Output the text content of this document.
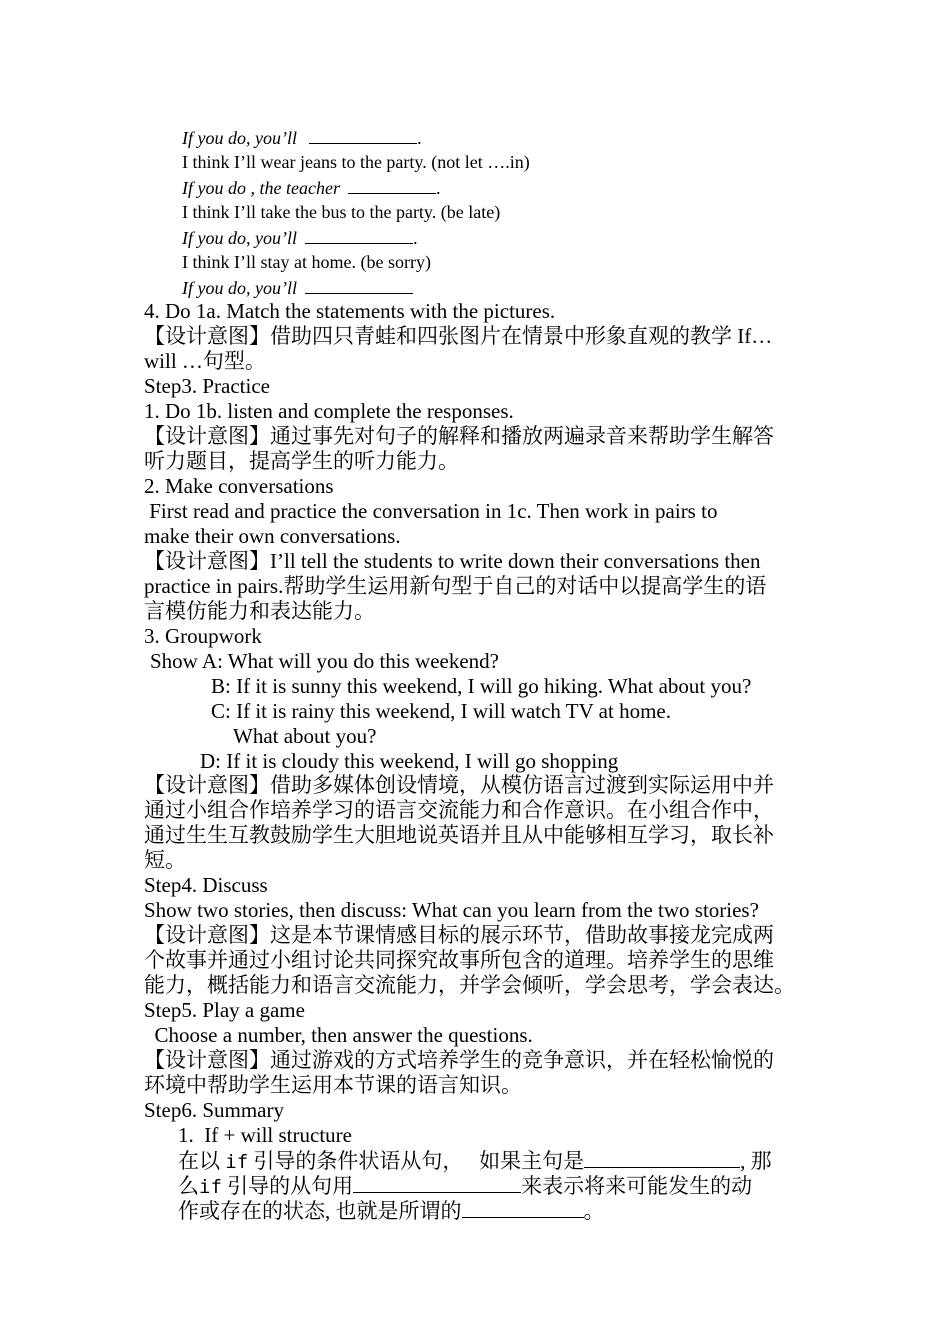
If you do, you’ll	.
I think I’ll wear jeans to the party. (not let ….in)
If you do , the teacher	.
I think I’ll take the bus to the party. (be late)
If you do, you’ll	.
I think I’ll stay at home. (be sorry)
If you do, you’ll
4. Do 1a. Match the statements with the pictures.
【设计意图】借助四只青蛙和四张图片在情景中形象直观的教学 If…
will …句型。
Step3. Practice
1. Do 1b. listen and complete the responses.
【设计意图】通过事先对句子的解释和播放两遍录音来帮助学生解答
听力题目，提高学生的听力能力。
2. Make conversations
First read and practice the conversation in 1c. Then work in pairs to
make their own conversations.
【设计意图】I’ll tell the students to write down their conversations then
practice in pairs.帮助学生运用新句型于自己的对话中以提高学生的语
言模仿能力和表达能力。
3. Groupwork
Show A: What will you do this weekend?
B: If it is sunny this weekend, I will go hiking. What about you?
C: If it is rainy this weekend, I will watch TV at home.
What about you?
D: If it is cloudy this weekend, I will go shopping
【设计意图】借助多媒体创设情境，从模仿语言过渡到实际运用中并
通过小组合作培养学习的语言交流能力和合作意识。在小组合作中，
通过生生互教鼓励学生大胆地说英语并且从中能够相互学习，取长补
短。
Step4. Discuss
Show two stories, then discuss: What can you learn from the two stories?
【设计意图】这是本节课情感目标的展示环节，借助故事接龙完成两
个故事并通过小组讨论共同探究故事所包含的道理。培养学生的思维
能力，概括能力和语言交流能力，并学会倾听，学会思考，学会表达。
Step5. Play a game
Choose a number, then answer the questions.
【设计意图】通过游戏的方式培养学生的竞争意识，并在轻松愉悦的
环境中帮助学生运用本节课的语言知识。
Step6. Summary
1.  If + will structure
在以 if 引导的条件状语从句，   如果主句是	, 那
么if 引导的从句用	来表示将来可能发生的动
作或存在的状态, 也就是所谓的	。
